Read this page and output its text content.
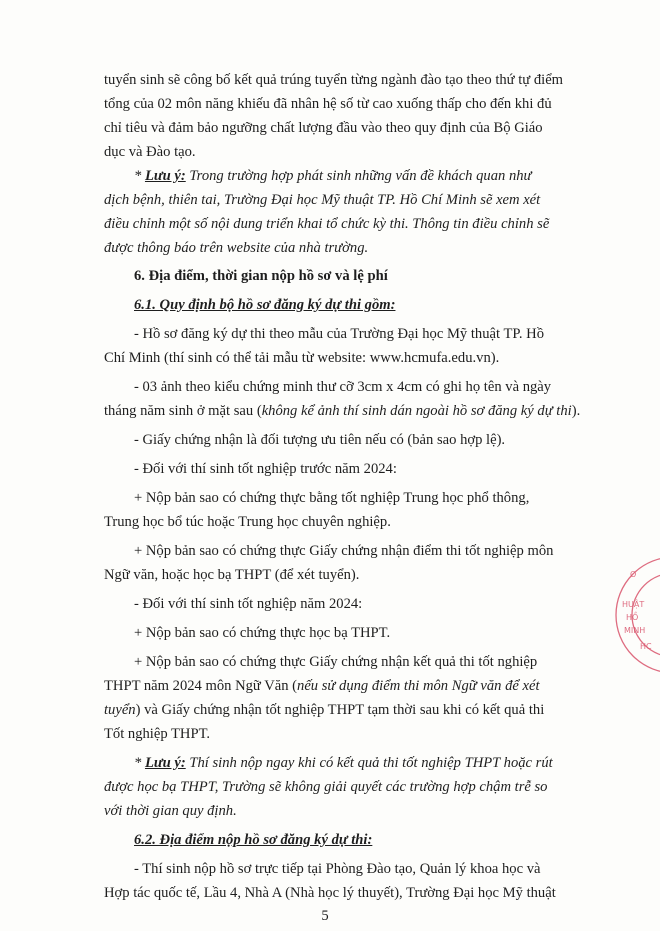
tuyển sinh sẽ công bố kết quả trúng tuyển từng ngành đào tạo theo thứ tự điểm
tổng của 02 môn năng khiếu đã nhân hệ số từ cao xuống thấp cho đến khi đủ
chỉ tiêu và đảm bảo ngưỡng chất lượng đầu vào theo quy định của Bộ Giáo
dục và Đào tạo.
* Lưu ý: Trong trường hợp phát sinh những vấn đề khách quan như
dịch bệnh, thiên tai, Trường Đại học Mỹ thuật TP. Hồ Chí Minh sẽ xem xét
điều chỉnh một số nội dung triển khai tổ chức kỳ thi. Thông tin điều chỉnh sẽ
được thông báo trên website của nhà trường.
6. Địa điểm, thời gian nộp hồ sơ và lệ phí
6.1. Quy định bộ hồ sơ đăng ký dự thi gồm:
- Hồ sơ đăng ký dự thi theo mẫu của Trường Đại học Mỹ thuật TP. Hồ
Chí Minh (thí sinh có thể tải mẫu từ website: www.hcmufa.edu.vn).
- 03 ảnh theo kiểu chứng minh thư cỡ 3cm x 4cm có ghi họ tên và ngày
tháng năm sinh ở mặt sau (không kể ảnh thí sinh dán ngoài hồ sơ đăng ký dự thi).
- Giấy chứng nhận là đối tượng ưu tiên nếu có (bản sao hợp lệ).
- Đối với thí sinh tốt nghiệp trước năm 2024:
+ Nộp bản sao có chứng thực bằng tốt nghiệp Trung học phổ thông,
Trung học bổ túc hoặc Trung học chuyên nghiệp.
+ Nộp bản sao có chứng thực Giấy chứng nhận điểm thi tốt nghiệp môn
Ngữ văn, hoặc học bạ THPT (để xét tuyển).
- Đối với thí sinh tốt nghiệp năm 2024:
+ Nộp bản sao có chứng thực học bạ THPT.
+ Nộp bản sao có chứng thực Giấy chứng nhận kết quả thi tốt nghiệp
THPT năm 2024 môn Ngữ Văn (nếu sử dụng điểm thi môn Ngữ văn để xét
tuyển) và Giấy chứng nhận tốt nghiệp THPT tạm thời sau khi có kết quả thi
Tốt nghiệp THPT.
* Lưu ý: Thí sinh nộp ngay khi có kết quả thi tốt nghiệp THPT hoặc rút
được học bạ THPT, Trường sẽ không giải quyết các trường hợp chậm trễ so
với thời gian quy định.
6.2. Địa điểm nộp hồ sơ đăng ký dự thi:
- Thí sinh nộp hồ sơ trực tiếp tại Phòng Đào tạo, Quản lý khoa học và
Hợp tác quốc tế, Lầu 4, Nhà A (Nhà học lý thuyết), Trường Đại học Mỹ thuật
5
O
HUẬT
HỒ
MINH
HC
